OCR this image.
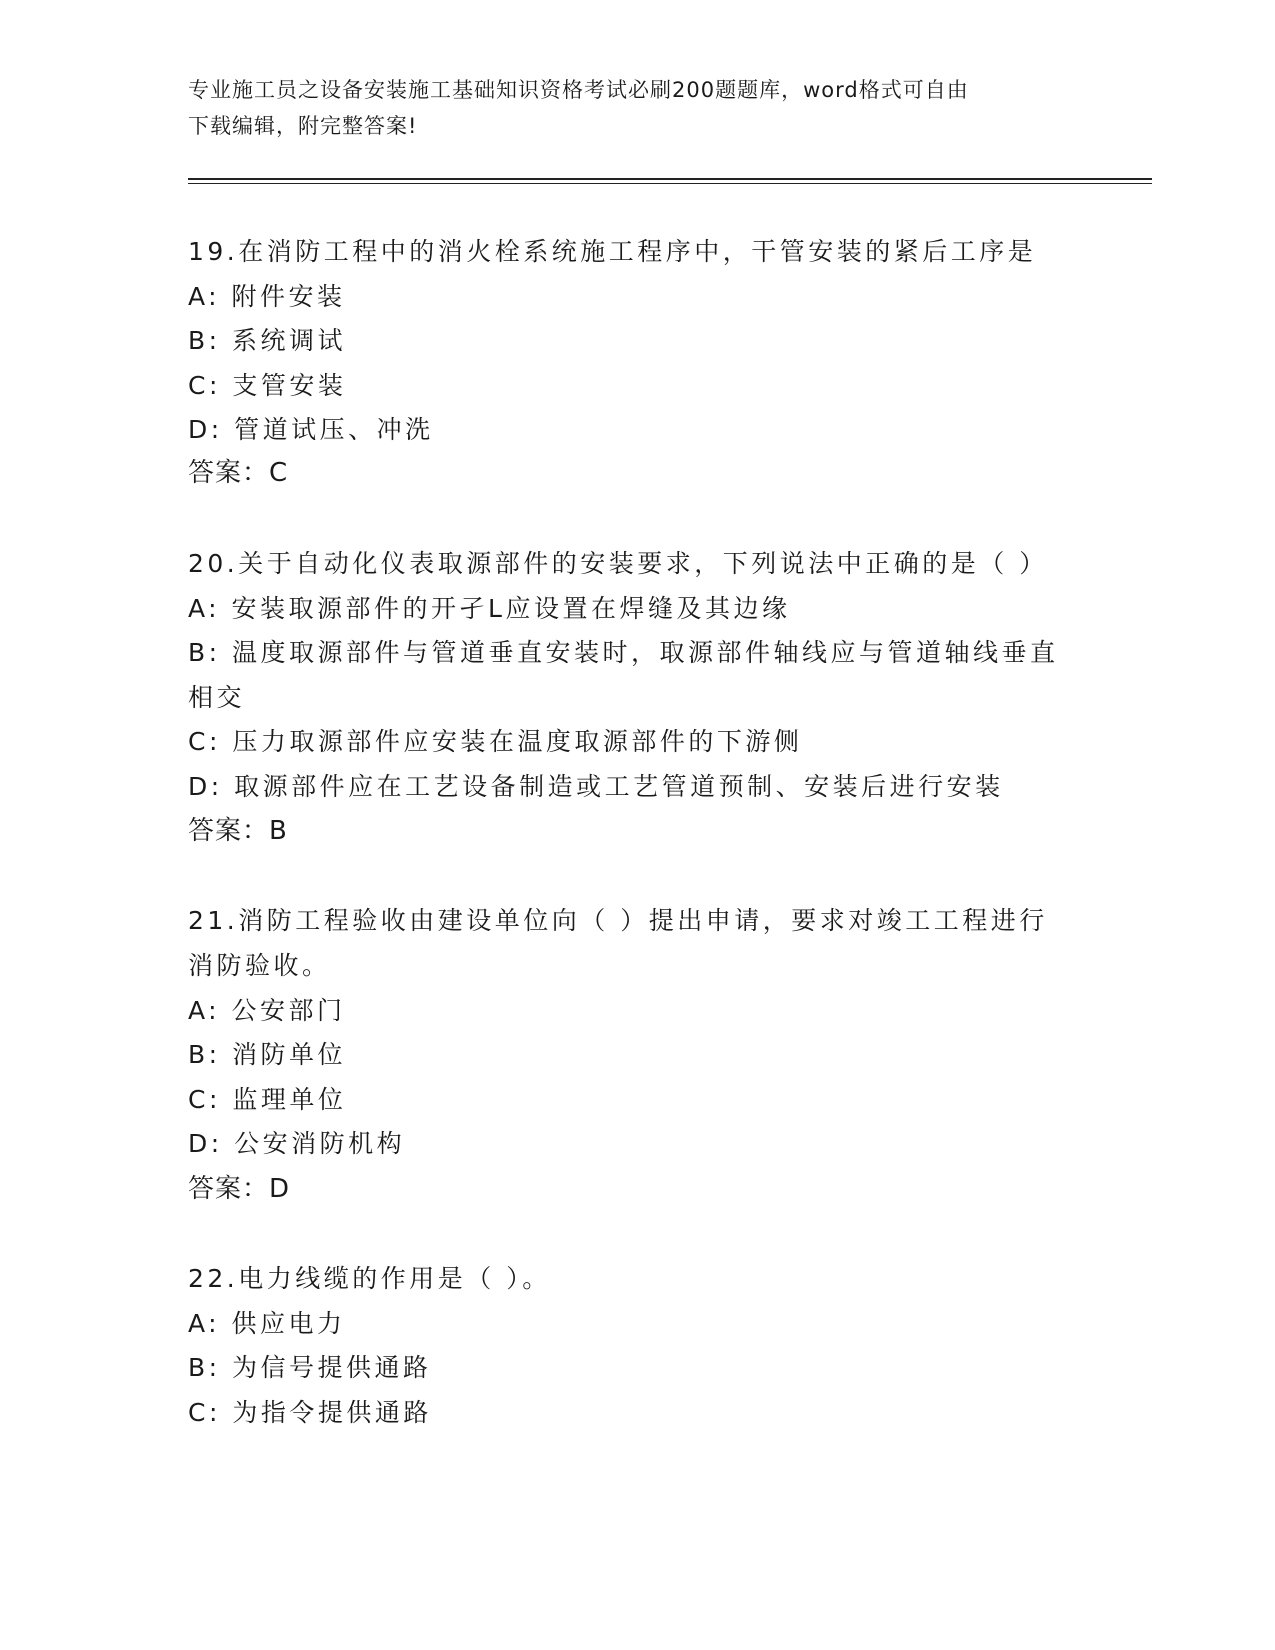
专业施工员之设备安装施工基础知识资格考试必刷200题题库，word格式可自由
下载编辑，附完整答案!
19.在消防工程中的消火栓系统施工程序中，干管安装的紧后工序是
A: 附件安装
B: 系统调试
C: 支管安装
D: 管道试压、冲洗
答案：C
20.关于自动化仪表取源部件的安装要求，下列说法中正确的是（ ）
A: 安装取源部件的开孑L应设置在焊缝及其边缘
B: 温度取源部件与管道垂直安装时，取源部件轴线应与管道轴线垂直
相交
C: 压力取源部件应安装在温度取源部件的下游侧
D: 取源部件应在工艺设备制造或工艺管道预制、安装后进行安装
答案：B
21.消防工程验收由建设单位向（ ）提出申请，要求对竣工工程进行
消防验收。
A: 公安部门
B: 消防单位
C: 监理单位
D: 公安消防机构
答案：D
22.电力线缆的作用是（ ）。
A: 供应电力
B: 为信号提供通路
C: 为指令提供通路
